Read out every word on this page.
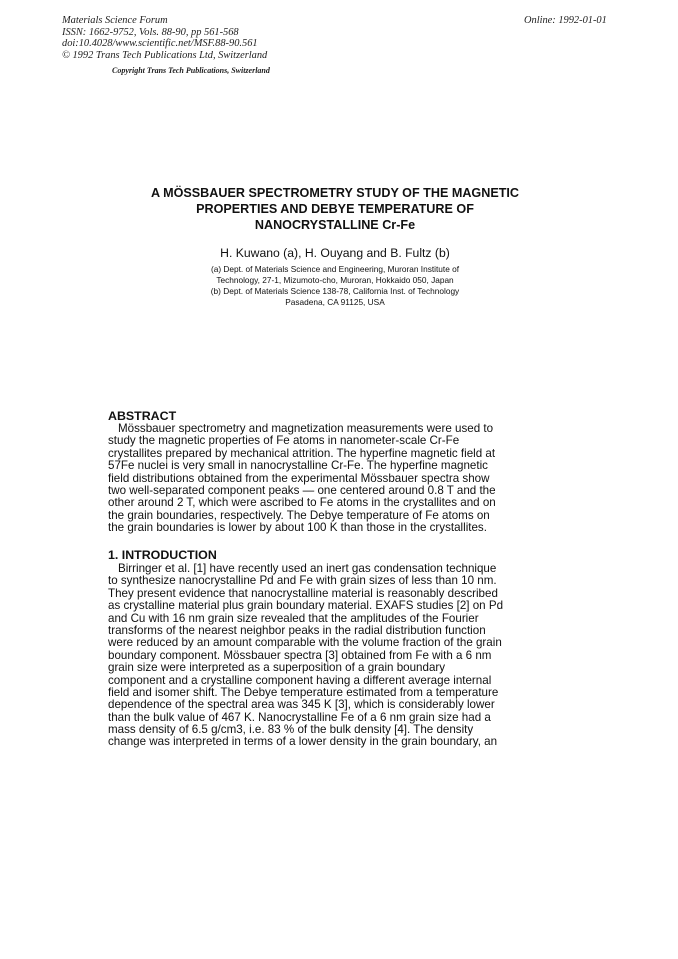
Materials Science Forum
ISSN: 1662-9752, Vols. 88-90, pp 561-568
doi:10.4028/www.scientific.net/MSF.88-90.561
© 1992 Trans Tech Publications Ltd, Switzerland
Online: 1992-01-01
Copyright Trans Tech Publications, Switzerland
A MÖSSBAUER SPECTROMETRY STUDY OF THE MAGNETIC
PROPERTIES AND DEBYE TEMPERATURE OF
NANOCRYSTALLINE Cr-Fe
H. Kuwano (a), H. Ouyang and B. Fultz (b)
(a) Dept. of Materials Science and Engineering, Muroran Institute of
Technology, 27-1, Mizumoto-cho, Muroran, Hokkaido 050, Japan
(b) Dept. of Materials Science 138-78, California Inst. of Technology
Pasadena, CA 91125, USA
ABSTRACT
Mössbauer spectrometry and magnetization measurements were used to
study the magnetic properties of Fe atoms in nanometer-scale Cr-Fe
crystallites prepared by mechanical attrition. The hyperfine magnetic field at
57Fe nuclei is very small in nanocrystalline Cr-Fe. The hyperfine magnetic
field distributions obtained from the experimental Mössbauer spectra show
two well-separated component peaks — one centered around 0.8 T and the
other around 2 T, which were ascribed to Fe atoms in the crystallites and on
the grain boundaries, respectively. The Debye temperature of Fe atoms on
the grain boundaries is lower by about 100 K than those in the crystallites.
1. INTRODUCTION
Birringer et al. [1] have recently used an inert gas condensation technique
to synthesize nanocrystalline Pd and Fe with grain sizes of less than 10 nm.
They present evidence that nanocrystalline material is reasonably described
as crystalline material plus grain boundary material. EXAFS studies [2] on Pd
and Cu with 16 nm grain size revealed that the amplitudes of the Fourier
transforms of the nearest neighbor peaks in the radial distribution function
were reduced by an amount comparable with the volume fraction of the grain
boundary component. Mössbauer spectra [3] obtained from Fe with a 6 nm
grain size were interpreted as a superposition of a grain boundary
component and a crystalline component having a different average internal
field and isomer shift. The Debye temperature estimated from a temperature
dependence of the spectral area was 345 K [3], which is considerably lower
than the bulk value of 467 K. Nanocrystalline Fe of a 6 nm grain size had a
mass density of 6.5 g/cm3, i.e. 83 % of the bulk density [4]. The density
change was interpreted in terms of a lower density in the grain boundary, an
